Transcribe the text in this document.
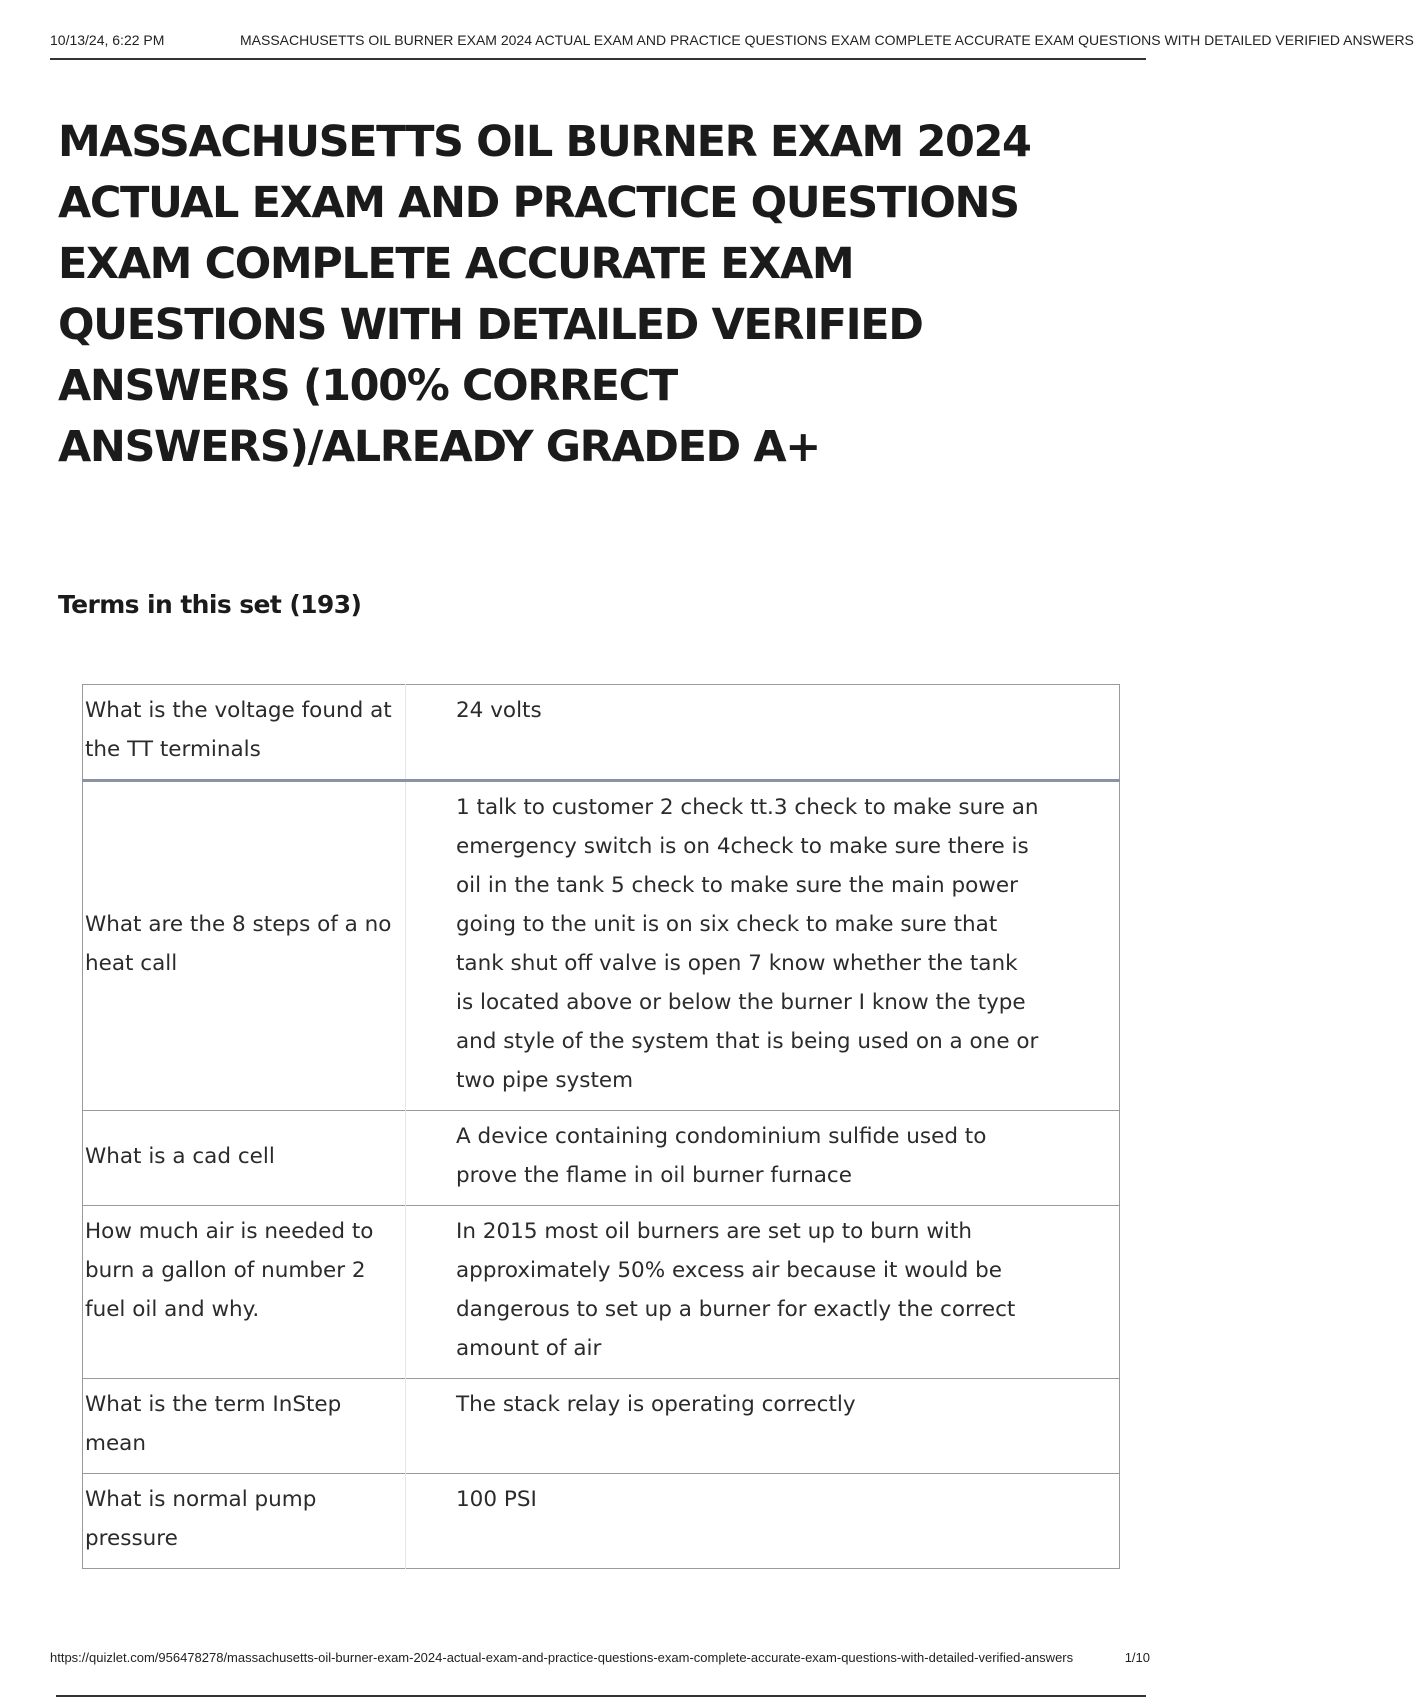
10/13/24, 6:22 PM	MASSACHUSETTS OIL BURNER EXAM 2024 ACTUAL EXAM AND PRACTICE QUESTIONS EXAM COMPLETE ACCURATE EXAM QUESTIONS WITH DETAILED VERIFIED ANSWERS
MASSACHUSETTS OIL BURNER EXAM 2024 ACTUAL EXAM AND PRACTICE QUESTIONS EXAM COMPLETE ACCURATE EXAM QUESTIONS WITH DETAILED VERIFIED ANSWERS (100% CORRECT ANSWERS)/ALREADY GRADED A+
Terms in this set (193)
What is the voltage found at the TT terminals	24 volts
What are the 8 steps of a no heat call	1 talk to customer 2 check tt.3 check to make sure an emergency switch is on 4check to make sure there is oil in the tank 5 check to make sure the main power going to the unit is on six check to make sure that tank shut off valve is open 7 know whether the tank is located above or below the burner I know the type and style of the system that is being used on a one or two pipe system
What is a cad cell	A device containing condominium sulfide used to prove the flame in oil burner furnace
How much air is needed to burn a gallon of number 2 fuel oil and why.	In 2015 most oil burners are set up to burn with approximately 50% excess air because it would be dangerous to set up a burner for exactly the correct amount of air
What is the term InStep mean	The stack relay is operating correctly
What is normal pump pressure	100 PSI
https://quizlet.com/956478278/massachusetts-oil-burner-exam-2024-actual-exam-and-practice-questions-exam-complete-accurate-exam-questions-with-detailed-verified-answers	1/10
